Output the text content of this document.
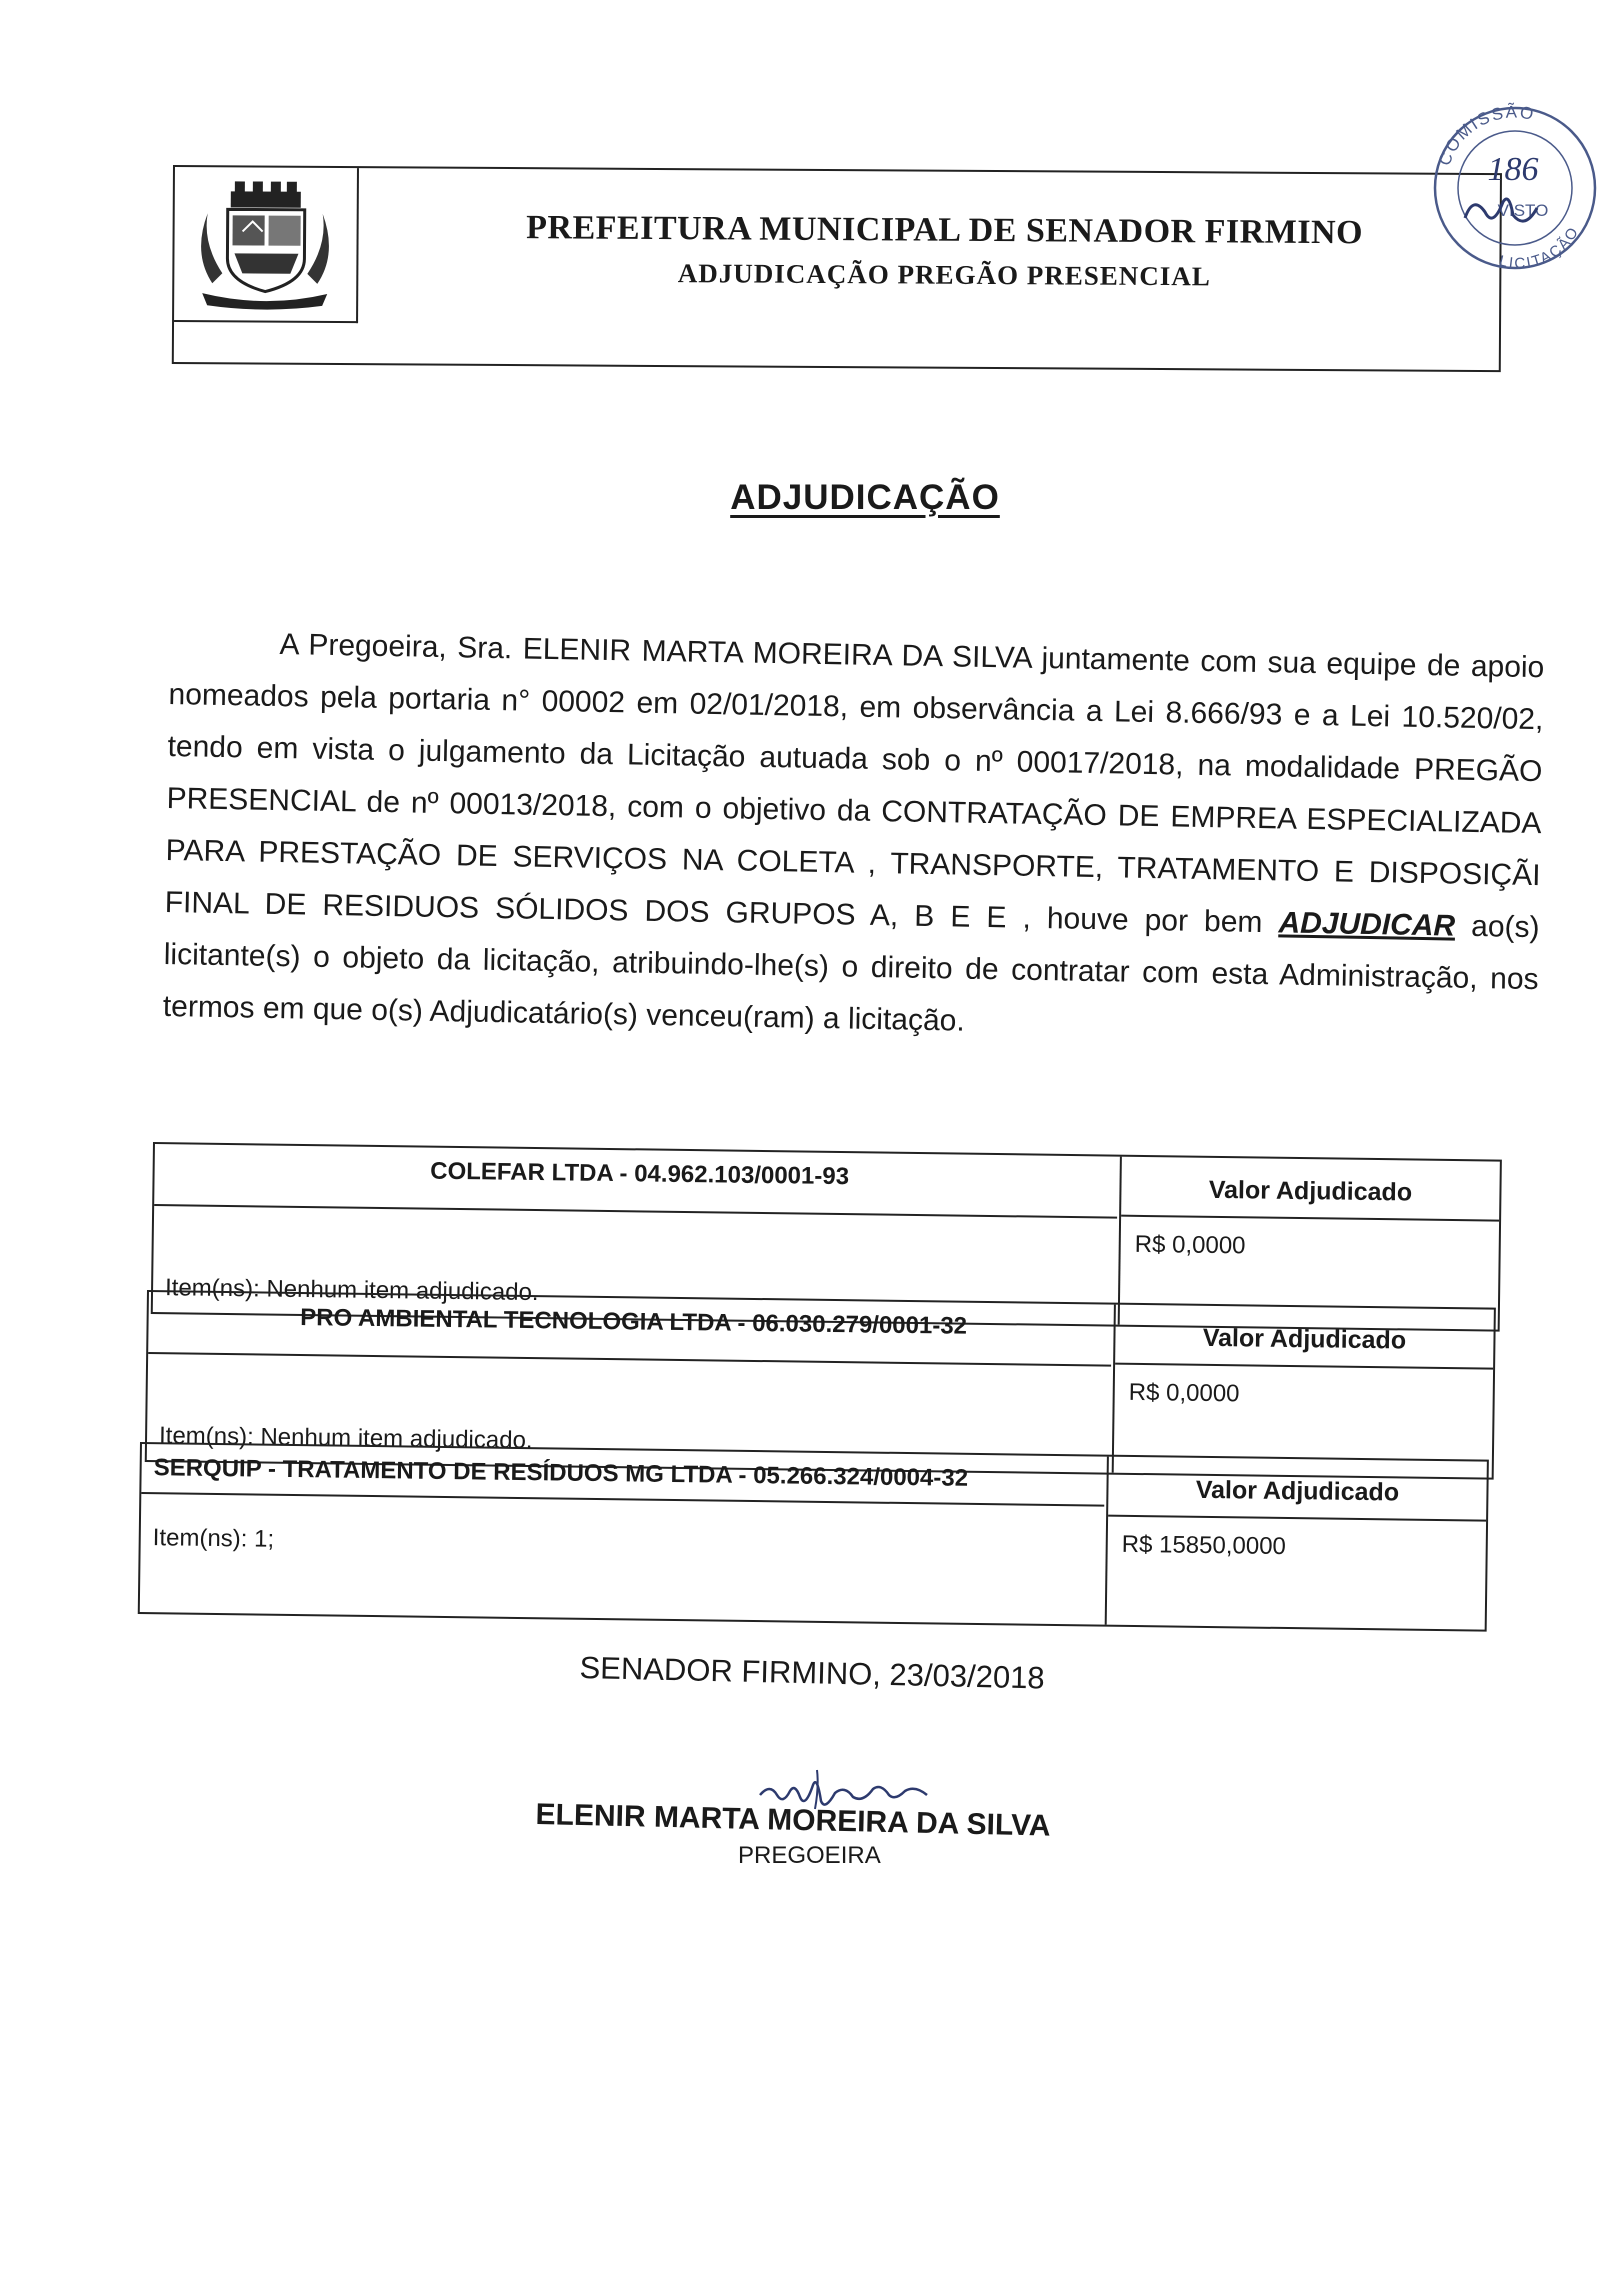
PREFEITURA MUNICIPAL DE SENADOR FIRMINO
ADJUDICAÇÃO PREGÃO PRESENCIAL
COMISSÃO
LICITAÇÃO
186
VISTO
ADJUDICAÇÃO
A Pregoeira, Sra. ELENIR MARTA MOREIRA DA SILVA juntamente com sua equipe de apoio nomeados pela portaria n° 00002 em 02/01/2018, em observância a Lei 8.666/93 e a Lei 10.520/02, tendo em vista o julgamento da Licitação autuada sob o nº 00017/2018, na modalidade PREGÃO PRESENCIAL de nº 00013/2018, com o objetivo da CONTRATAÇÃO DE EMPREA ESPECIALIZADA PARA PRESTAÇÃO DE SERVIÇOS NA COLETA , TRANSPORTE, TRATAMENTO E DISPOSIÇÃI FINAL DE RESIDUOS SÓLIDOS DOS GRUPOS A, B E E , houve por bem ADJUDICAR ao(s) licitante(s) o objeto da licitação, atribuindo-lhe(s) o direito de contratar com esta Administração, nos termos em que o(s) Adjudicatário(s) venceu(ram) a licitação.
COLEFAR LTDA - 04.962.103/0001-93
Item(ns): Nenhum item adjudicado.
Valor Adjudicado
R$ 0,0000
PRO AMBIENTAL TECNOLOGIA LTDA - 06.030.279/0001-32
Item(ns): Nenhum item adjudicado.
Valor Adjudicado
R$ 0,0000
SERQUIP - TRATAMENTO DE RESÍDUOS MG LTDA - 05.266.324/0004-32
Item(ns): 1;
Valor Adjudicado
R$ 15850,0000
SENADOR FIRMINO, 23/03/2018
ELENIR MARTA MOREIRA DA SILVA
PREGOEIRA
